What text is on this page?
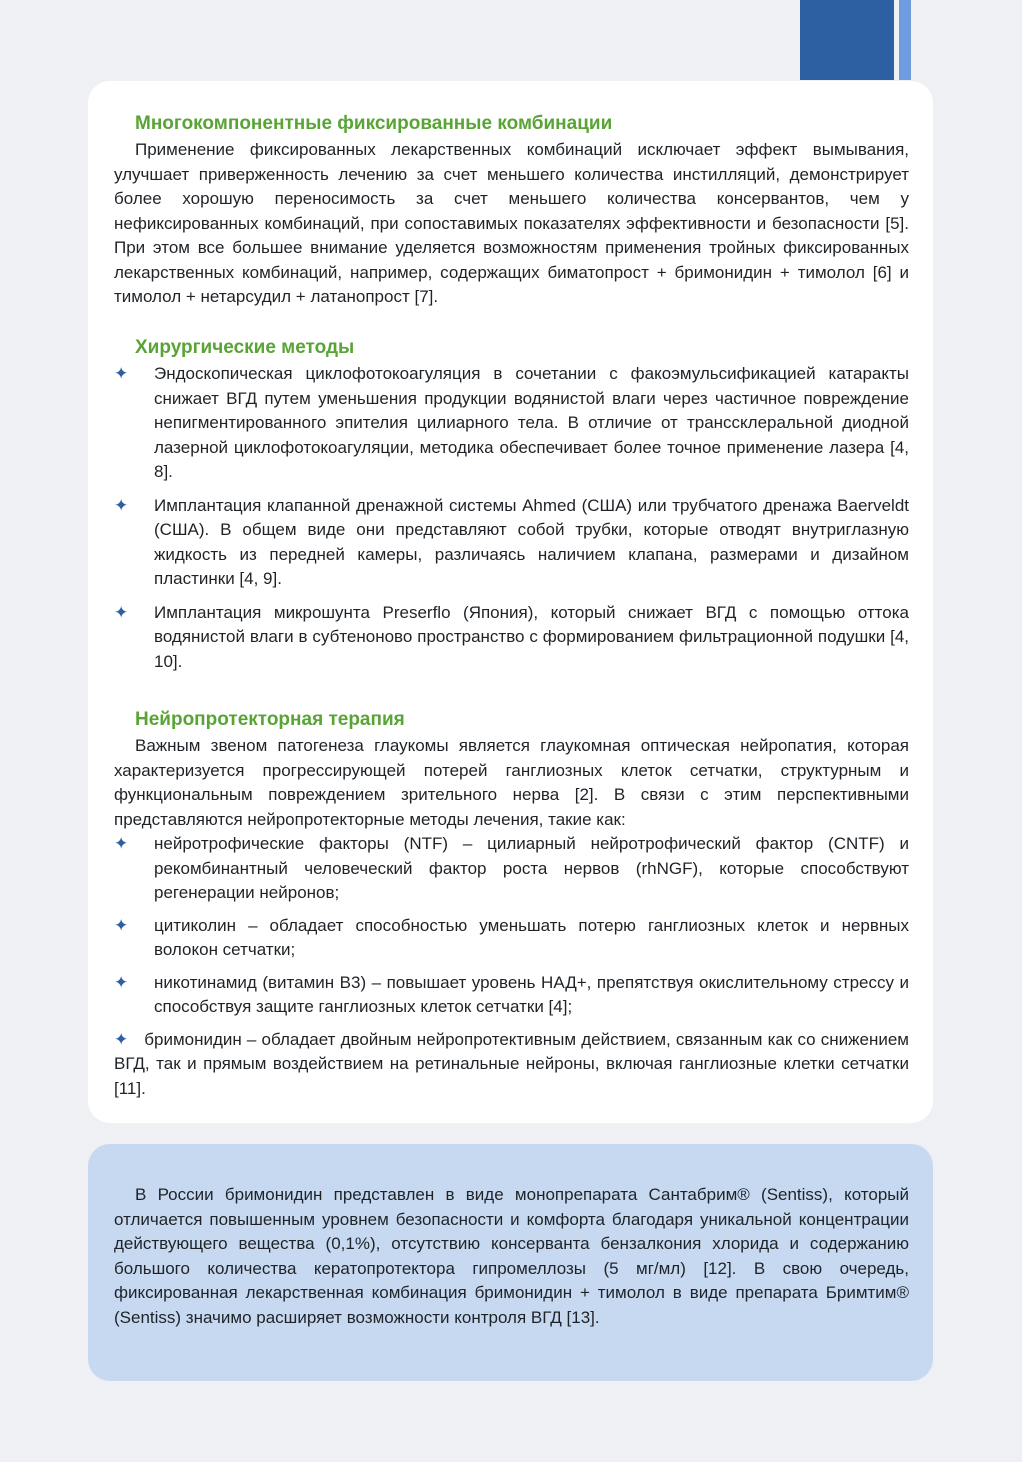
Многокомпонентные фиксированные комбинации

Применение фиксированных лекарственных комбинаций исключает эффект вымывания, улучшает приверженность лечению за счет меньшего количества инстилляций, демонстрирует более хорошую переносимость за счет меньшего количества консервантов, чем у нефиксированных комбинаций, при сопоставимых показателях эффективности и безопасности [5]. При этом все большее внимание уделяется возможностям применения тройных фиксированных лекарственных комбинаций, например, содержащих биматопрост + бримонидин + тимолол [6] и тимолол + нетарсудил + латанопрост [7].

Хирургические методы
✦	Эндоскопическая циклофотокоагуляция в сочетании с факоэмульсификацией катаракты снижает ВГД путем уменьшения продукции водянистой влаги через частичное повреждение непигментированного эпителия цилиарного тела. В отличие от транссклеральной диодной лазерной циклофотокоагуляции, методика обеспечивает более точное применение лазера [4, 8].
✦	Имплантация клапанной дренажной системы Ahmed (США) или трубчатого дренажа Baerveldt (США). В общем виде они представляют собой трубки, которые отводят внутриглазную жидкость из передней камеры, различаясь наличием клапана, размерами и дизайном пластинки [4, 9].
✦	Имплантация микрошунта Preserflo (Япония), который снижает ВГД с помощью оттока водянистой влаги в субтеноново пространство с формированием фильтрационной подушки [4, 10].
Нейропротекторная терапия

Важным звеном патогенеза глаукомы является глаукомная оптическая нейропатия, которая характеризуется прогрессирующей потерей ганглиозных клеток сетчатки, структурным и функциональным повреждением зрительного нерва [2]. В связи с этим перспективными представляются нейропротекторные методы лечения, такие как:

✦	нейротрофические факторы (NTF) – цилиарный нейротрофический фактор (CNTF) и рекомбинантный человеческий фактор роста нервов (rhNGF), которые способствуют регенерации нейронов;
✦	цитиколин – обладает способностью уменьшать потерю ганглиозных клеток и нервных волокон сетчатки;
✦	никотинамид (витамин B3) – повышает уровень НАД+, препятствуя окислительному стрессу и способствуя защите ганглиозных клеток сетчатки [4];

✦ бримонидин – обладает двойным нейропротективным действием, связанным как со снижением ВГД, так и прямым воздействием на ретинальные нейроны, включая ганглиозные клетки сетчатки [11].

В России бримонидин представлен в виде монопрепарата Сантабрим® (Sentiss), который отличается повышенным уровнем безопасности и комфорта благодаря уникальной концентрации действующего вещества (0,1%), отсутствию консерванта бензалкония хлорида и содержанию большого количества кератопротектора гипромеллозы (5 мг/мл) [12]. В свою очередь, фиксированная лекарственная комбинация бримонидин + тимолол в виде препарата Бримтим® (Sentiss) значимо расширяет возможности контроля ВГД [13].
